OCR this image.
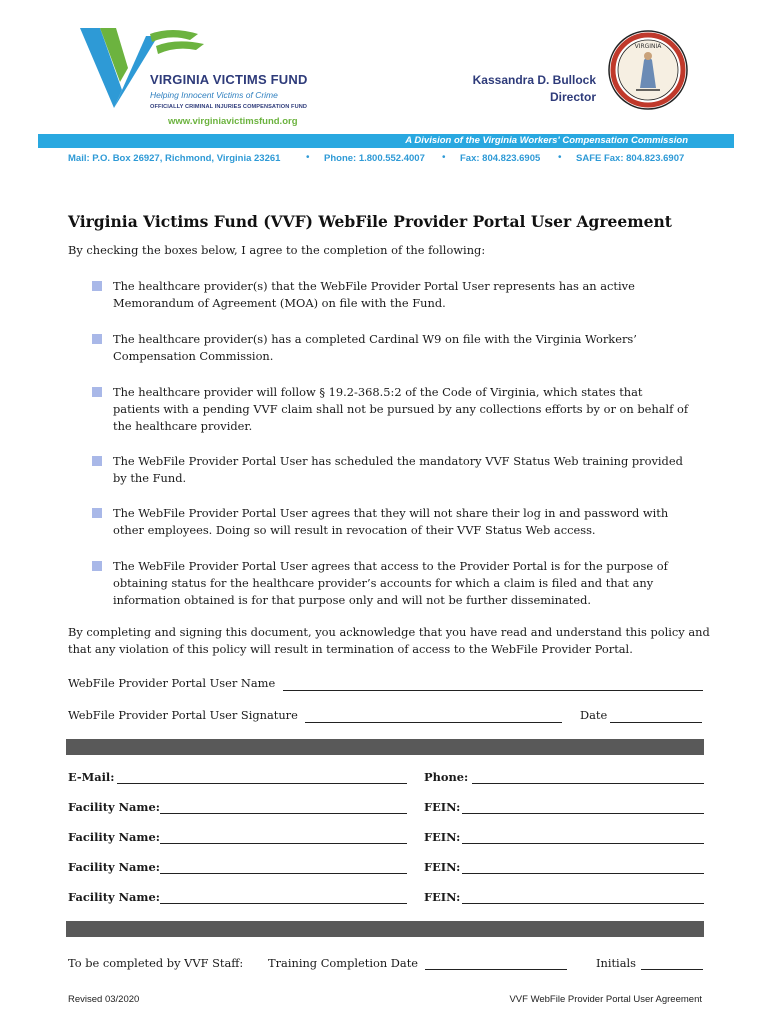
VIRGINIA VICTIMS FUND
Helping Innocent Victims of Crime
OFFICIALLY CRIMINAL INJURIES COMPENSATION FUND
www.virginiavictimsfund.org
Kassandra D. Bullock
Director
VIRGINIA
A Division of the Virginia Workers' Compensation Commission
Mail: P.O. Box 26927, Richmond, Virginia 23261	• Phone: 1.800.552.4007 • Fax: 804.823.6905 • SAFE Fax: 804.823.6907
Virginia Victims Fund (VVF) WebFile Provider Portal User Agreement
By checking the boxes below, I agree to the completion of the following:
The healthcare provider(s) that the WebFile Provider Portal User represents has an active Memorandum of Agreement (MOA) on file with the Fund.
The healthcare provider(s) has a completed Cardinal W9 on file with the Virginia Workers’ Compensation Commission.
The healthcare provider will follow § 19.2-368.5:2 of the Code of Virginia, which states that patients with a pending VVF claim shall not be pursued by any collections efforts by or on behalf of the healthcare provider.
The WebFile Provider Portal User has scheduled the mandatory VVF Status Web training provided by the Fund.
The WebFile Provider Portal User agrees that they will not share their log in and password with other employees. Doing so will result in revocation of their VVF Status Web access.
The WebFile Provider Portal User agrees that access to the Provider Portal is for the purpose of obtaining status for the healthcare provider’s accounts for which a claim is filed and that any information obtained is for that purpose only and will not be further disseminated.
By completing and signing this document, you acknowledge that you have read and understand this policy and that any violation of this policy will result in termination of access to the WebFile Provider Portal.
WebFile Provider Portal User Name
WebFile Provider Portal User Signature	Date
E-Mail:	Phone:
Facility Name:	FEIN:
Facility Name:	FEIN:
Facility Name:	FEIN:
Facility Name:	FEIN:
To be completed by VVF Staff: Training Completion Date	Initials
Revised 03/2020	VVF WebFile Provider Portal User Agreement
